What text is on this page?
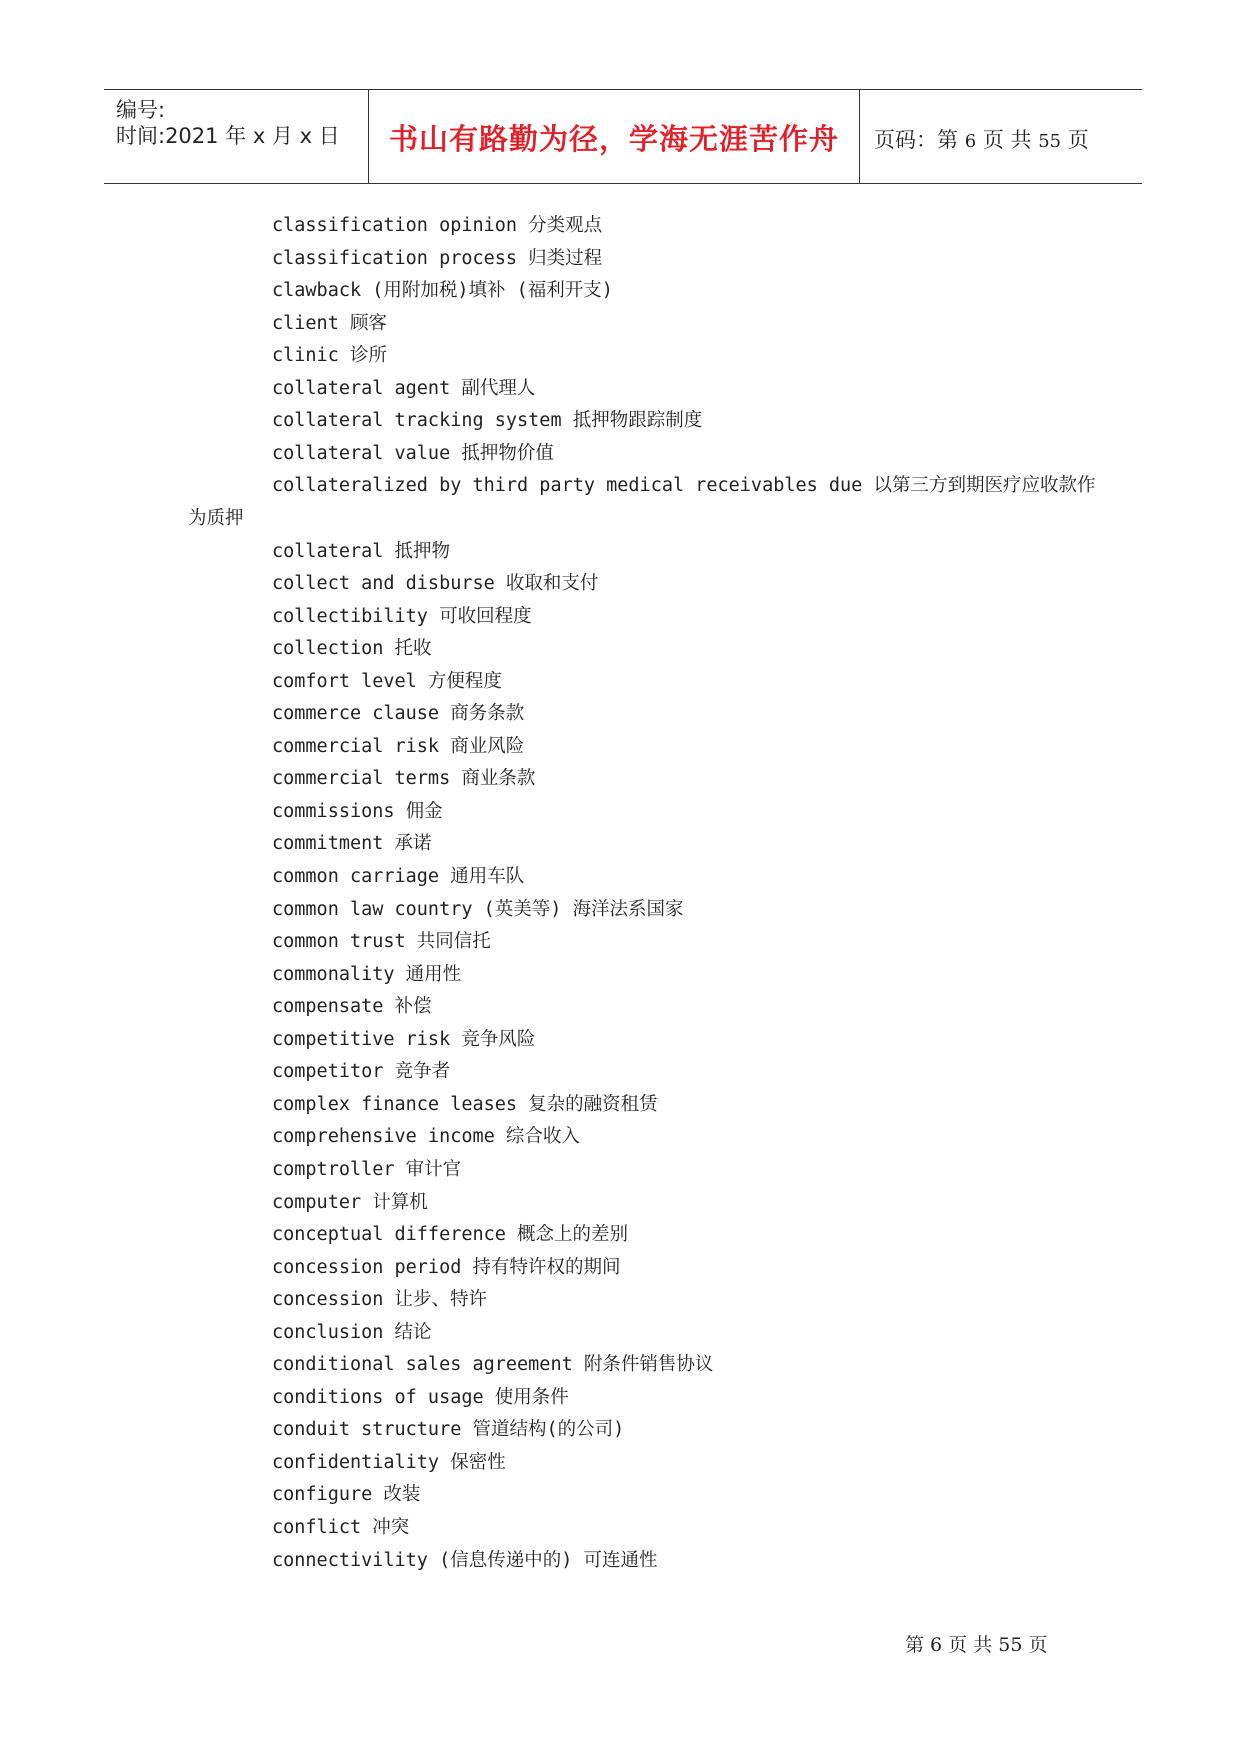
编号:
时间:2021 年 x 月 x 日	书山有路勤为径，学海无涯苦作舟	页码：第 6 页 共 55 页
classification opinion 分类观点
classification process 归类过程
clawback (用附加税)填补 (福利开支)
client 顾客
clinic 诊所
collateral agent 副代理人
collateral tracking system 抵押物跟踪制度
collateral value 抵押物价值
collateralized by third party medical receivables due 以第三方到期医疗应收款作
为质押
collateral 抵押物
collect and disburse 收取和支付
collectibility 可收回程度
collection 托收
comfort level 方便程度
commerce clause 商务条款
commercial risk 商业风险
commercial terms 商业条款
commissions 佣金
commitment 承诺
common carriage 通用车队
common law country (英美等) 海洋法系国家
common trust 共同信托
commonality 通用性
compensate 补偿
competitive risk 竞争风险
competitor 竞争者
complex finance leases 复杂的融资租赁
comprehensive income 综合收入
comptroller 审计官
computer 计算机
conceptual difference 概念上的差别
concession period 持有特许权的期间
concession 让步、特许
conclusion 结论
conditional sales agreement 附条件销售协议
conditions of usage 使用条件
conduit structure 管道结构(的公司)
confidentiality 保密性
configure 改装
conflict 冲突
connectivility (信息传递中的) 可连通性
第 6 页 共 55 页
